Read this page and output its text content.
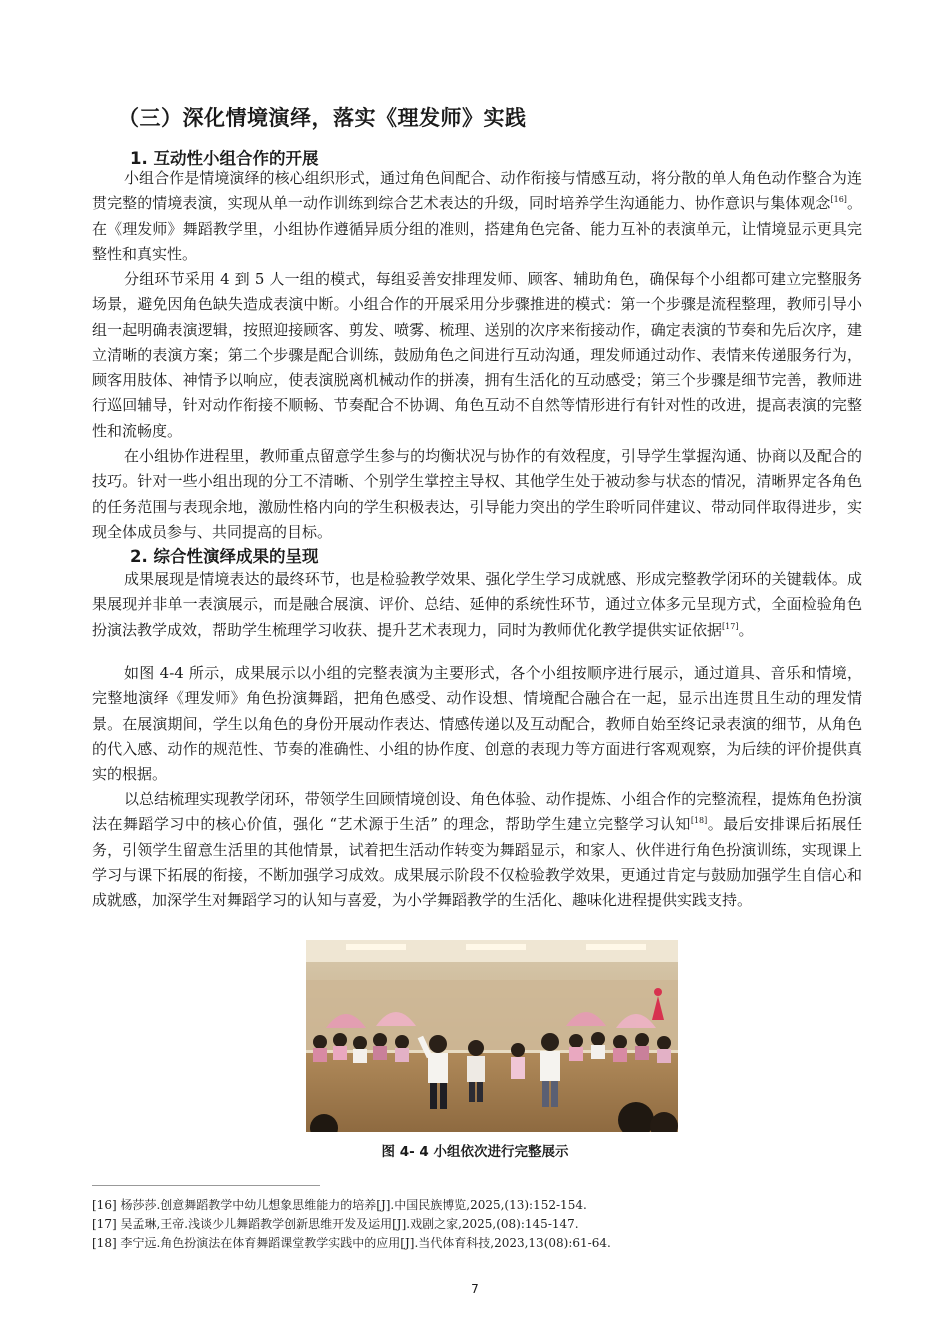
（三）深化情境演绎，落实《理发师》实践
1. 互动性小组合作的开展

小组合作是情境演绎的核心组织形式，通过角色间配合、动作衔接与情感互动，将分散的单人角色动作整合为连贯完整的情境表演，实现从单一动作训练到综合艺术表达的升级，同时培养学生沟通能力、协作意识与集体观念[16]。在《理发师》舞蹈教学里，小组协作遵循异质分组的准则，搭建角色完备、能力互补的表演单元，让情境显示更具完整性和真实性。

分组环节采用 4 到 5 人一组的模式，每组妥善安排理发师、顾客、辅助角色，确保每个小组都可建立完整服务场景，避免因角色缺失造成表演中断。小组合作的开展采用分步骤推进的模式：第一个步骤是流程整理，教师引导小组一起明确表演逻辑，按照迎接顾客、剪发、喷雾、梳理、送别的次序来衔接动作，确定表演的节奏和先后次序，建立清晰的表演方案；第二个步骤是配合训练，鼓励角色之间进行互动沟通，理发师通过动作、表情来传递服务行为，顾客用肢体、神情予以响应，使表演脱离机械动作的拼凑，拥有生活化的互动感受；第三个步骤是细节完善，教师进行巡回辅导，针对动作衔接不顺畅、节奏配合不协调、角色互动不自然等情形进行有针对性的改进，提高表演的完整性和流畅度。

在小组协作进程里，教师重点留意学生参与的均衡状况与协作的有效程度，引导学生掌握沟通、协商以及配合的技巧。针对一些小组出现的分工不清晰、个别学生掌控主导权、其他学生处于被动参与状态的情况，清晰界定各角色的任务范围与表现余地，激励性格内向的学生积极表达，引导能力突出的学生聆听同伴建议、带动同伴取得进步，实现全体成员参与、共同提高的目标。

2. 综合性演绎成果的呈现

成果展现是情境表达的最终环节，也是检验教学效果、强化学生学习成就感、形成完整教学闭环的关键载体。成果展现并非单一表演展示，而是融合展演、评价、总结、延伸的系统性环节，通过立体多元呈现方式，全面检验角色扮演法教学成效，帮助学生梳理学习收获、提升艺术表现力，同时为教师优化教学提供实证依据[17]。

如图 4-4 所示，成果展示以小组的完整表演为主要形式，各个小组按顺序进行展示，通过道具、音乐和情境，完整地演绎《理发师》角色扮演舞蹈，把角色感受、动作设想、情境配合融合在一起，显示出连贯且生动的理发情景。在展演期间，学生以角色的身份开展动作表达、情感传递以及互动配合，教师自始至终记录表演的细节，从角色的代入感、动作的规范性、节奏的准确性、小组的协作度、创意的表现力等方面进行客观观察，为后续的评价提供真实的根据。

以总结梳理实现教学闭环，带领学生回顾情境创设、角色体验、动作提炼、小组合作的完整流程，提炼角色扮演法在舞蹈学习中的核心价值，强化 “艺术源于生活” 的理念，帮助学生建立完整学习认知[18]。最后安排课后拓展任务，引领学生留意生活里的其他情景，试着把生活动作转变为舞蹈显示，和家人、伙伴进行角色扮演训练，实现课上学习与课下拓展的衔接，不断加强学习成效。成果展示阶段不仅检验教学效果，更通过肯定与鼓励加强学生自信心和成就感，加深学生对舞蹈学习的认知与喜爱，为小学舞蹈教学的生活化、趣味化进程提供实践支持。

图 4- 4 小组依次进行完整展示
[16] 杨莎莎.创意舞蹈教学中幼儿想象思维能力的培养[J].中国民族博览,2025,(13):152-154.
[17] 吴孟琳,王帝.浅谈少儿舞蹈教学创新思维开发及运用[J].戏剧之家,2025,(08):145-147.
[18] 李宁远.角色扮演法在体育舞蹈课堂教学实践中的应用[J].当代体育科技,2023,13(08):61-64.
7
